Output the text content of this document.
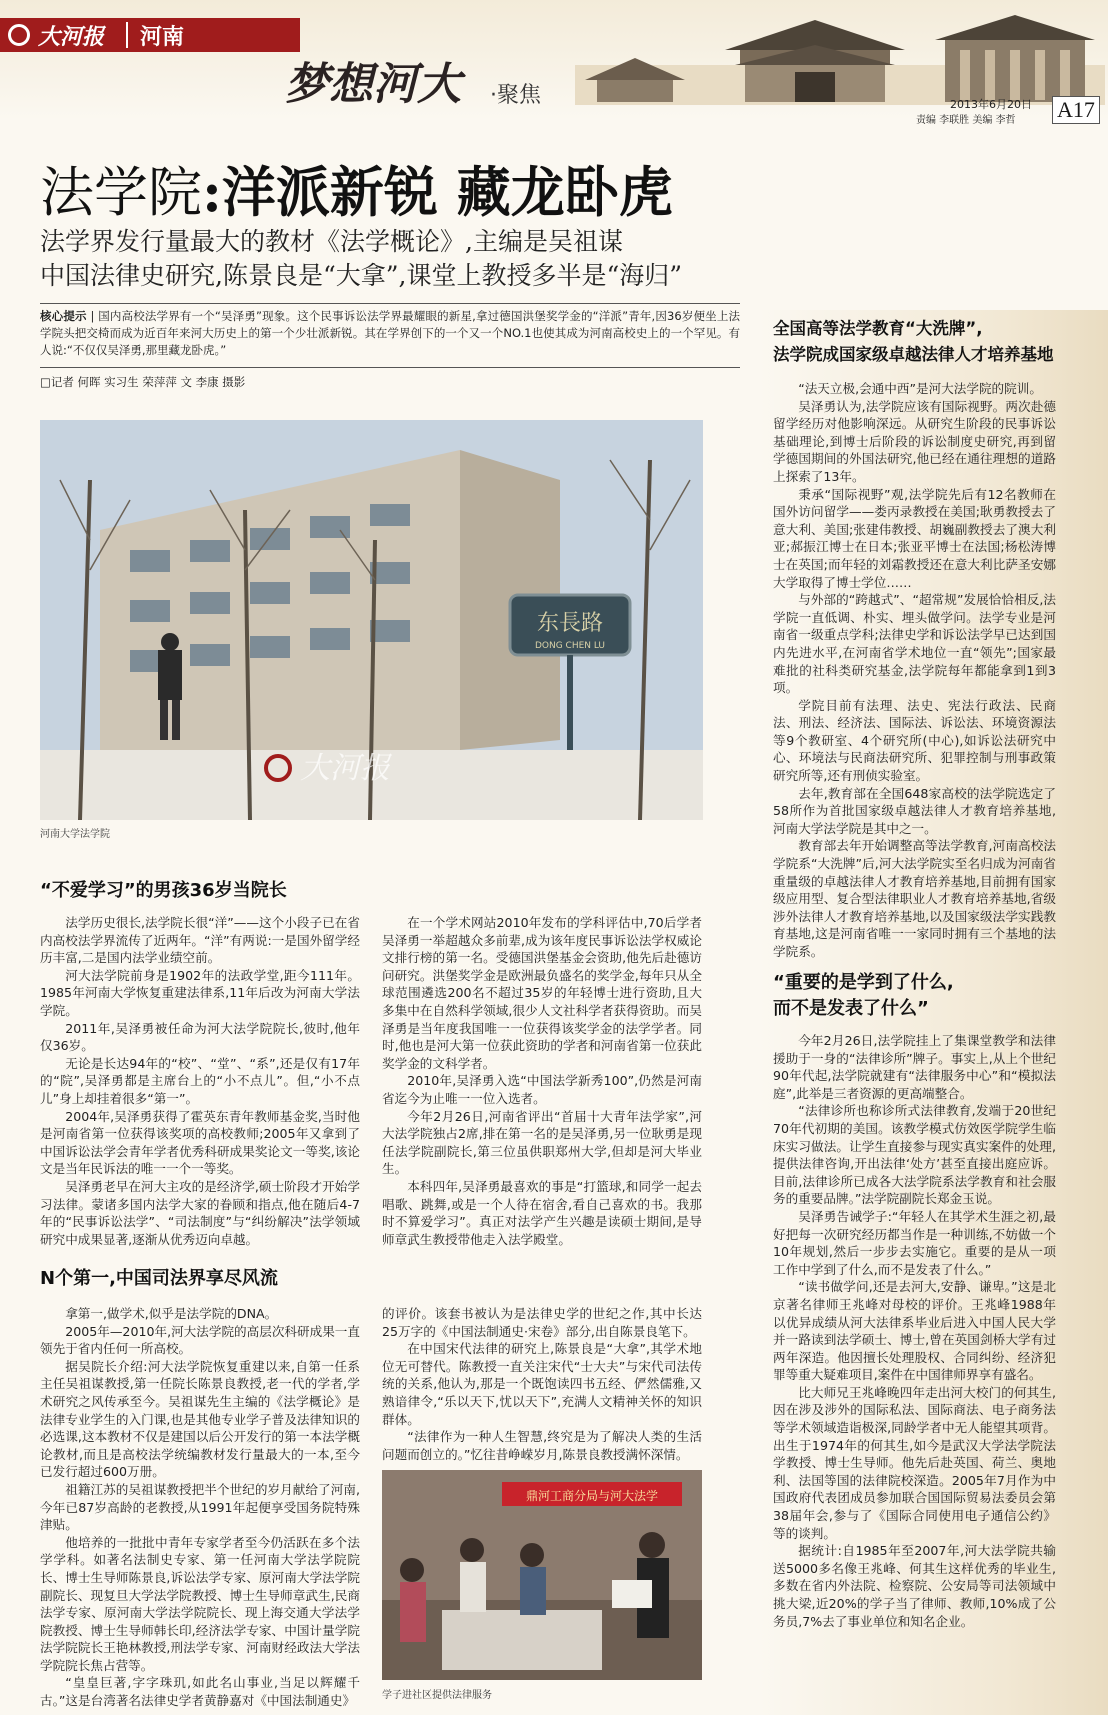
大河报 河南
梦想河大 ·聚焦	2013年6月20日
责编 李联胜 美编 李哲 A17
法学院:洋派新锐 藏龙卧虎
法学界发行量最大的教材《法学概论》,主编是吴祖谋
中国法律史研究,陈景良是“大拿”,课堂上教授多半是“海归”
核心提示 | 国内高校法学界有一个“吴泽勇”现象。这个民事诉讼法学界最耀眼的新星,拿过德国洪堡奖学金的“洋派”青年,因36岁便坐上法学院头把交椅而成为近百年来河大历史上的第一个少壮派新锐。其在学界创下的一个又一个NO.1也使其成为河南高校史上的一个罕见。有人说:“不仅仅吴泽勇,那里藏龙卧虎。”
□记者 何晖 实习生 荣萍萍 文 李康 摄影
东長路
DONG CHEN LU
大河报
河南大学法学院
“不爱学习”的男孩36岁当院长

法学历史很长,法学院长很“洋”——这个小段子已在省内高校法学界流传了近两年。“洋”有两说:一是国外留学经历丰富,二是国内法学业绩空前。

河大法学院前身是1902年的法政学堂,距今111年。1985年河南大学恢复重建法律系,11年后改为河南大学法学院。

2011年,吴泽勇被任命为河大法学院院长,彼时,他年仅36岁。

无论是长达94年的“校”、“堂”、“系”,还是仅有17年的“院”,吴泽勇都是主席台上的“小不点儿”。但,“小不点儿”身上却挂着很多“第一”。

2004年,吴泽勇获得了霍英东青年教师基金奖,当时他是河南省第一位获得该奖项的高校教师;2005年又拿到了中国诉讼法学会青年学者优秀科研成果奖论文一等奖,该论文是当年民诉法的唯一一个一等奖。

吴泽勇老早在河大主攻的是经济学,硕士阶段才开始学习法律。蒙诸多国内法学大家的眷顾和指点,他在随后4-7年的“民事诉讼法学”、“司法制度”与“纠纷解决”法学领域研究中成果显著,逐渐从优秀迈向卓越。

在一个学术网站2010年发布的学科评估中,70后学者吴泽勇一举超越众多前辈,成为该年度民事诉讼法学权威论文排行榜的第一名。受德国洪堡基金会资助,他先后赴德访问研究。洪堡奖学金是欧洲最负盛名的奖学金,每年只从全球范围遴选200名不超过35岁的年轻博士进行资助,且大多集中在自然科学领域,很少人文社科学者获得资助。而吴泽勇是当年度我国唯一一位获得该奖学金的法学学者。同时,他也是河大第一位获此资助的学者和河南省第一位获此奖学金的文科学者。

2010年,吴泽勇入选“中国法学新秀100”,仍然是河南省迄今为止唯一一位入选者。

今年2月26日,河南省评出“首届十大青年法学家”,河大法学院独占2席,排在第一名的是吴泽勇,另一位耿勇是现任法学院副院长,第三位虽供职郑州大学,但却是河大毕业生。

本科四年,吴泽勇最喜欢的事是“打篮球,和同学一起去唱歌、跳舞,或是一个人待在宿舍,看自己喜欢的书。我那时不算爱学习”。真正对法学产生兴趣是读硕士期间,是导师章武生教授带他走入法学殿堂。

N个第一,中国司法界享尽风流

拿第一,做学术,似乎是法学院的DNA。

2005年—2010年,河大法学院的高层次科研成果一直领先于省内任何一所高校。

据吴院长介绍:河大法学院恢复重建以来,自第一任系主任吴祖谋教授,第一任院长陈景良教授,老一代的学者,学术研究之风传承至今。吴祖谋先生主编的《法学概论》是法律专业学生的入门课,也是其他专业学子普及法律知识的必选课,这本教材不仅是建国以后公开发行的第一本法学概论教材,而且是高校法学统编教材发行量最大的一本,至今已发行超过600万册。

祖籍江苏的吴祖谋教授把半个世纪的岁月献给了河南,今年已87岁高龄的老教授,从1991年起便享受国务院特殊津贴。

他培养的一批批中青年专家学者至今仍活跃在多个法学学科。如著名法制史专家、第一任河南大学法学院院长、博士生导师陈景良,诉讼法学专家、原河南大学法学院副院长、现复旦大学法学院教授、博士生导师章武生,民商法学专家、原河南大学法学院院长、现上海交通大学法学院教授、博士生导师韩长印,经济法学专家、中国计量学院法学院院长王艳林教授,刑法学专家、河南财经政法大学法学院院长焦占营等。

“皇皇巨著,字字珠玑,如此名山事业,当足以辉耀千古。”这是台湾著名法律史学者黄静嘉对《中国法制通史》

的评价。该套书被认为是法律史学的世纪之作,其中长达25万字的《中国法制通史·宋卷》部分,出自陈景良笔下。

在中国宋代法律的研究上,陈景良是“大拿”,其学术地位无可替代。陈教授一直关注宋代“士大夫”与宋代司法传统的关系,他认为,那是一个既饱读四书五经、俨然儒雅,又熟谙律令,“乐以天下,忧以天下”,充满人文精神关怀的知识群体。

“法律作为一种人生智慧,终究是为了解决人类的生活问题而创立的。”忆往昔峥嵘岁月,陈景良教授满怀深情。

鼎河工商分局与河大法学
学子进社区提供法律服务
全国高等法学教育“大洗牌”,
法学院成国家级卓越法律人才培养基地

“法天立极,会通中西”是河大法学院的院训。

吴泽勇认为,法学院应该有国际视野。两次赴德留学经历对他影响深远。从研究生阶段的民事诉讼基础理论,到博士后阶段的诉讼制度史研究,再到留学德国期间的外国法研究,他已经在通往理想的道路上探索了13年。

秉承“国际视野”观,法学院先后有12名教师在国外访问留学——娄丙录教授在美国;耿勇教授去了意大利、美国;张建伟教授、胡巍副教授去了澳大利亚;郝振江博士在日本;张亚平博士在法国;杨松涛博士在英国;而年轻的刘霜教授还在意大利比萨圣安娜大学取得了博士学位……

与外部的“跨越式”、“超常规”发展恰恰相反,法学院一直低调、朴实、埋头做学问。法学专业是河南省一级重点学科;法律史学和诉讼法学早已达到国内先进水平,在河南省学术地位一直“领先”;国家最难批的社科类研究基金,法学院每年都能拿到1到3项。

学院目前有法理、法史、宪法行政法、民商法、刑法、经济法、国际法、诉讼法、环境资源法等9个教研室、4个研究所(中心),如诉讼法研究中心、环境法与民商法研究所、犯罪控制与刑事政策研究所等,还有刑侦实验室。

去年,教育部在全国648家高校的法学院选定了58所作为首批国家级卓越法律人才教育培养基地,河南大学法学院是其中之一。

教育部去年开始调整高等法学教育,河南高校法学院系“大洗牌”后,河大法学院实至名归成为河南省重量级的卓越法律人才教育培养基地,目前拥有国家级应用型、复合型法律职业人才教育培养基地,省级涉外法律人才教育培养基地,以及国家级法学实践教育基地,这是河南省唯一一家同时拥有三个基地的法学院系。

“重要的是学到了什么,
而不是发表了什么”

今年2月26日,法学院挂上了集课堂教学和法律援助于一身的“法律诊所”牌子。事实上,从上个世纪90年代起,法学院就建有“法律服务中心”和“模拟法庭”,此举是三者资源的更高端整合。

“法律诊所也称诊所式法律教育,发端于20世纪70年代初期的美国。该教学模式仿效医学院学生临床实习做法。让学生直接参与现实真实案件的处理,提供法律咨询,开出法律‘处方’甚至直接出庭应诉。目前,法律诊所已成各大法学院系法学教育和社会服务的重要品牌。”法学院副院长郑金玉说。

吴泽勇告诫学子:“年轻人在其学术生涯之初,最好把每一次研究经历都当作是一种训练,不妨做一个10年规划,然后一步步去实施它。重要的是从一项工作中学到了什么,而不是发表了什么。”

“读书做学问,还是去河大,安静、谦卑。”这是北京著名律师王兆峰对母校的评价。王兆峰1988年以优异成绩从河大法律系毕业后进入中国人民大学并一路读到法学硕士、博士,曾在英国剑桥大学有过两年深造。他因擅长处理股权、合同纠纷、经济犯罪等重大疑难项目,案件在中国律师界享有盛名。

比大师兄王兆峰晚四年走出河大校门的何其生,因在涉及涉外的国际私法、国际商法、电子商务法等学术领域造诣极深,同龄学者中无人能望其项背。出生于1974年的何其生,如今是武汉大学法学院法学教授、博士生导师。他先后赴英国、荷兰、奥地利、法国等国的法律院校深造。2005年7月作为中国政府代表团成员参加联合国国际贸易法委员会第38届年会,参与了《国际合同使用电子通信公约》等的谈判。

据统计:自1985年至2007年,河大法学院共输送5000多名像王兆峰、何其生这样优秀的毕业生,多数在省内外法院、检察院、公安局等司法领域中挑大梁,近20%的学子当了律师、教师,10%成了公务员,7%去了事业单位和知名企业。
